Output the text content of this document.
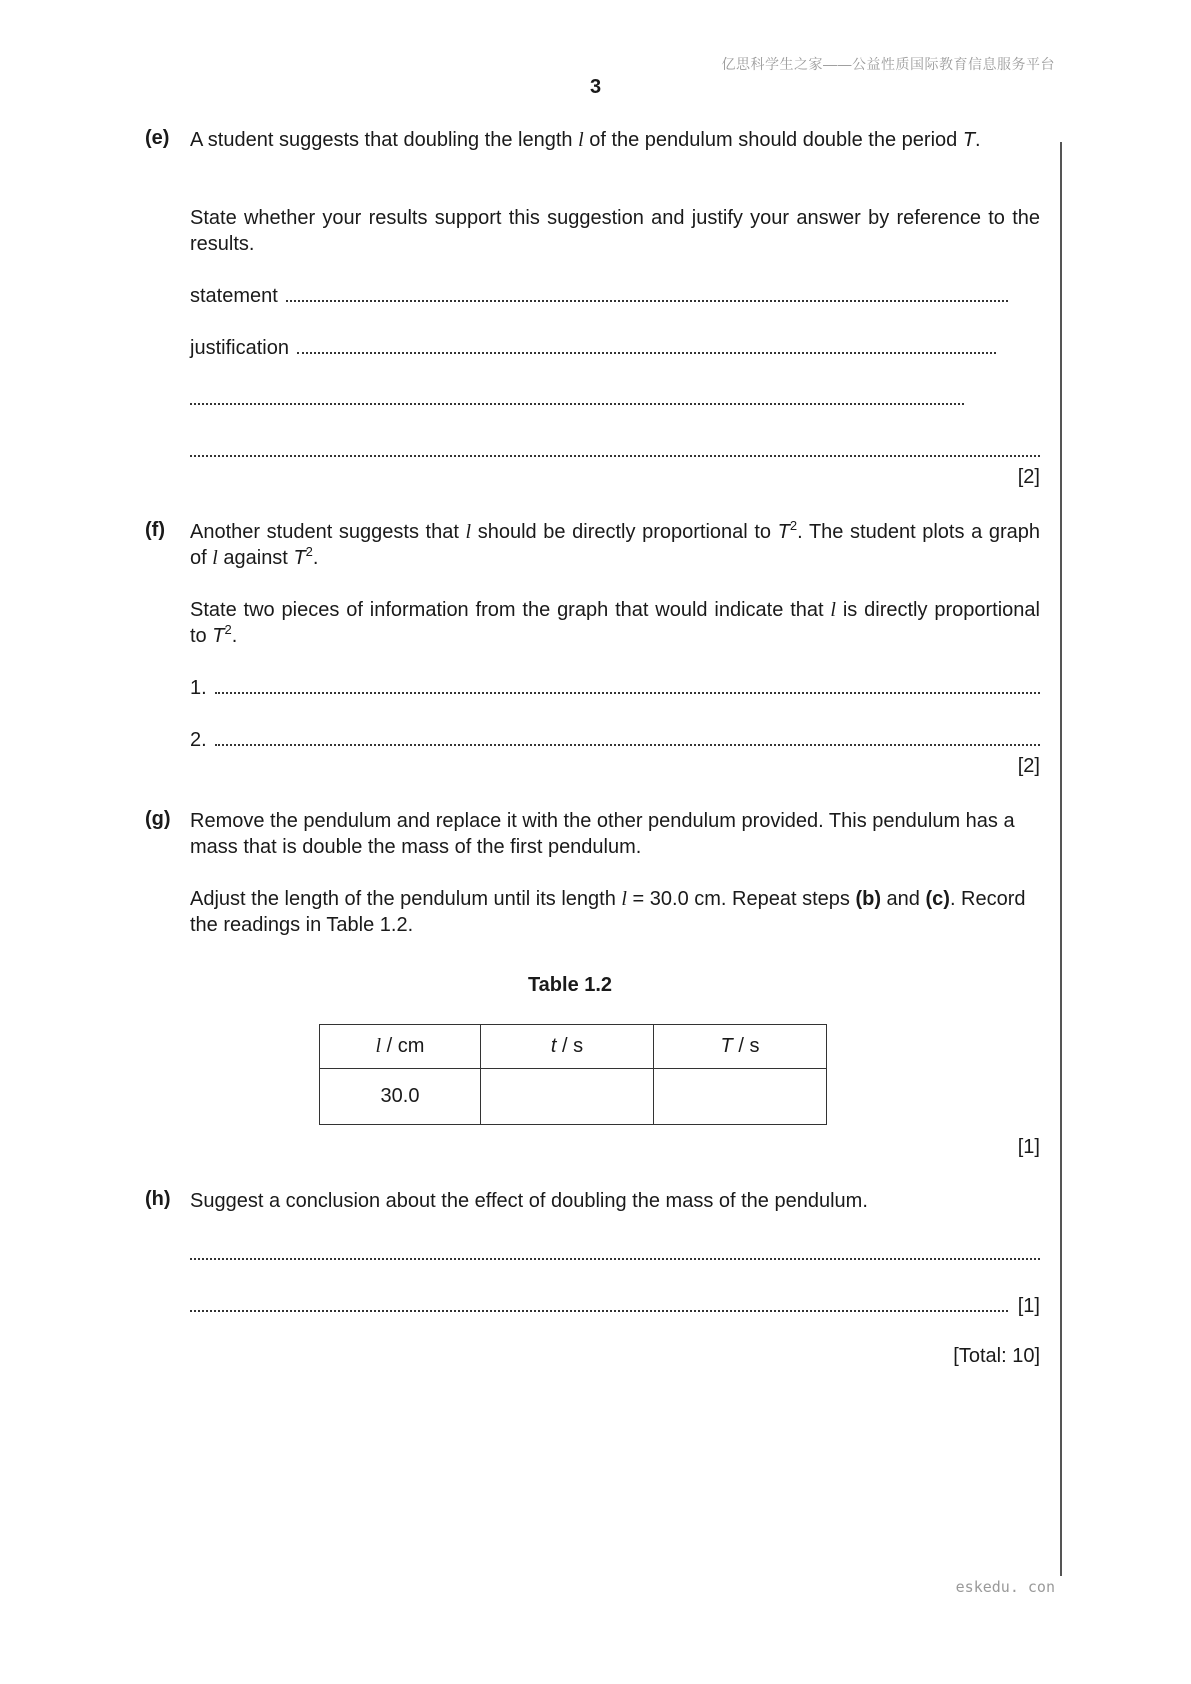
亿思科学生之家——公益性质国际教育信息服务平台
3
eskedu. con
(e) A student suggests that doubling the length l of the pendulum should double the period T.
State whether your results support this suggestion and justify your answer by reference to the results.
statement
justification
[2]
(f) Another student suggests that l should be directly proportional to $T^2$. The student plots a graph of l against $T^2$.
State two pieces of information from the graph that would indicate that l is directly proportional to $T^2$.
1.
2.
[2]
(g) Remove the pendulum and replace it with the other pendulum provided. This pendulum has a mass that is double the mass of the first pendulum.
Adjust the length of the pendulum until its length l = 30.0 cm. Repeat steps (b) and (c). Record the readings in Table 1.2.
Table 1.2
l / cm	t / s	T / s
30.0		
[1]
(h) Suggest a conclusion about the effect of doubling the mass of the pendulum.
[1]
[Total: 10]
